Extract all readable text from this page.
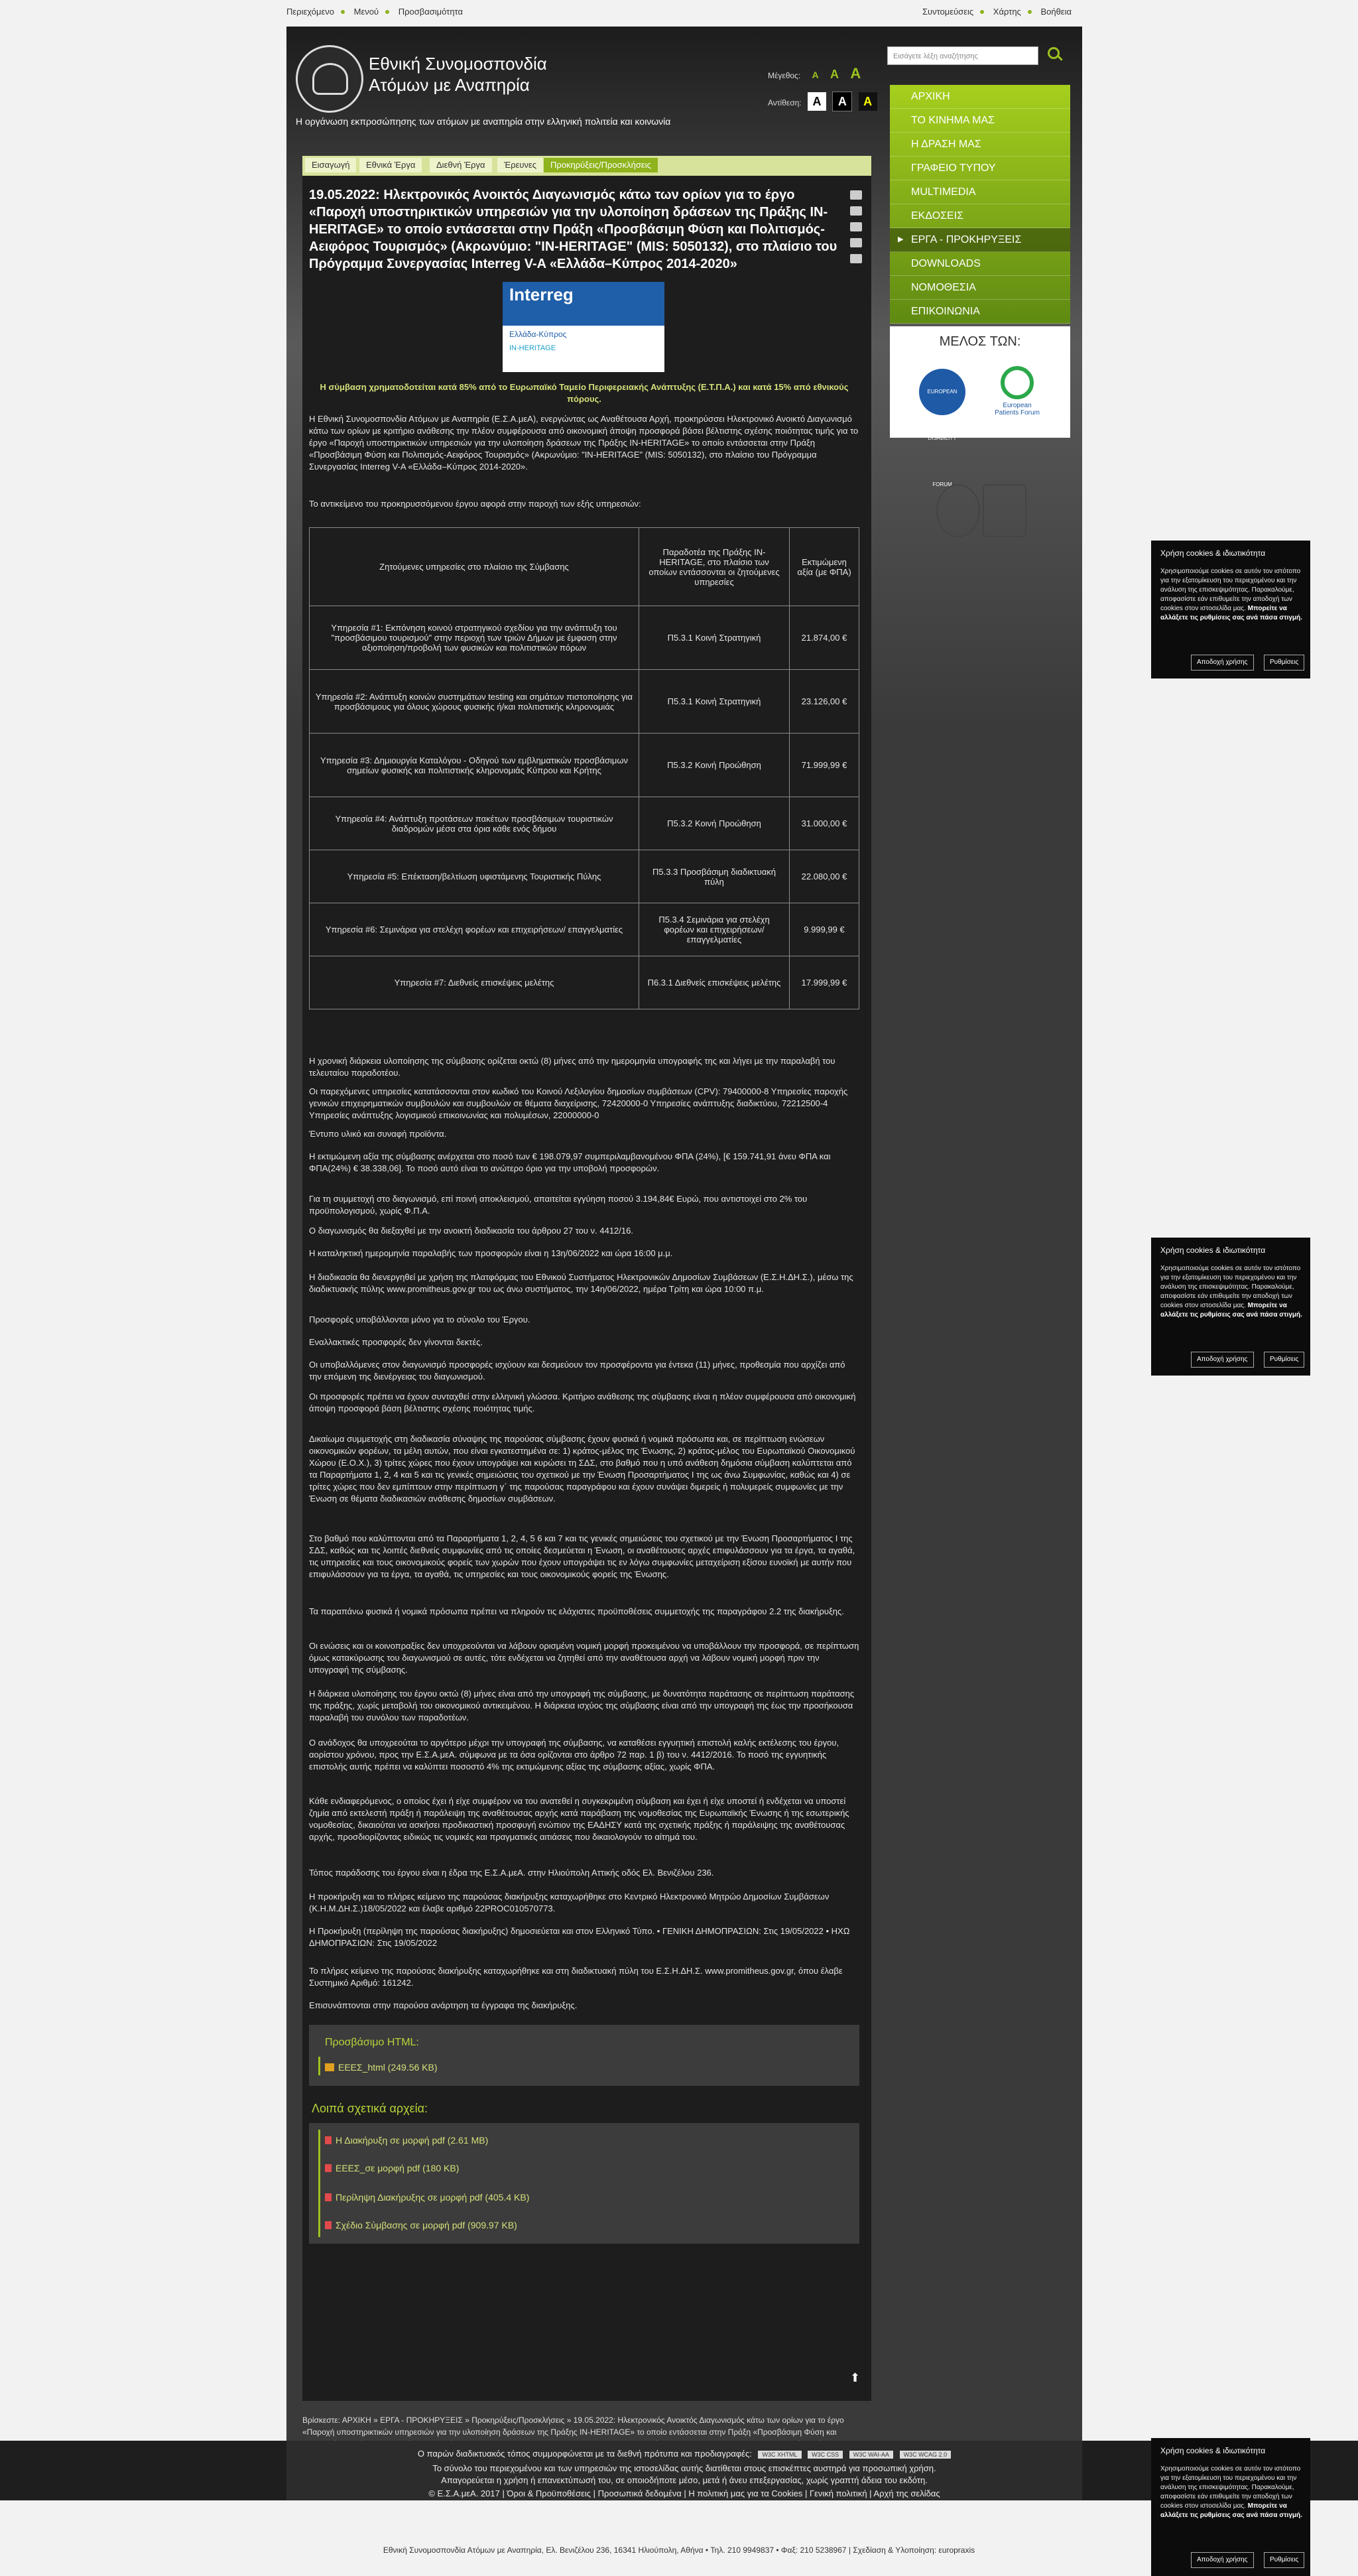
Περιεχόμενο Μενού Προσβασιμότητα	Συντομεύσεις Χάρτης Βοήθεια
Εθνική Συνομοσπονδία
Ατόμων με Αναπηρία
Η οργάνωση εκπροσώπησης των ατόμων με αναπηρία στην ελληνική πολιτεία και κοινωνία
Μέγεθος: A A A
Αντίθεση: A A A
Εισάγετε λέξη αναζήτησης
ΑΡΧΙΚΗ
ΤΟ ΚΙΝΗΜΑ ΜΑΣ
Η ΔΡΑΣΗ ΜΑΣ
ΓΡΑΦΕΙΟ ΤΥΠΟΥ
MULTIMEDIA
ΕΚΔΟΣΕΙΣ
▶ ΕΡΓΑ - ΠΡΟΚΗΡΥΞΕΙΣ
DOWNLOADS
ΝΟΜΟΘΕΣΙΑ
ΕΠΙΚΟΙΝΩΝΙΑ
ΜΕΛΟΣ ΤΩΝ:
EUROPEAN DISABILITY FORUM
European Patients Forum
Εισαγωγή	Εθνικά Έργα	Διεθνή Έργα	Έρευνες	Προκηρύξεις/Προσκλήσεις
19.05.2022: Ηλεκτρονικός Ανοικτός Διαγωνισμός κάτω των ορίων για το έργο «Παροχή υποστηρικτικών υπηρεσιών για την υλοποίηση δράσεων της Πράξης IN-HERITAGE» το οποίο εντάσσεται στην Πράξη «Προσβάσιμη Φύση και Πολιτισμός-Αειφόρος Τουρισμός» (Ακρωνύμιο: "IN-HERITAGE" (MIS: 5050132), στο πλαίσιο του Πρόγραμμα Συνεργασίας Interreg V-A «Ελλάδα–Κύπρος 2014-2020»
Interreg
Ελλάδα-Κύπρος
IN-HERITAGE
Η σύμβαση χρηματοδοτείται κατά 85% από το Ευρωπαϊκό Ταμείο Περιφερειακής Ανάπτυξης (Ε.Τ.Π.Α.) και κατά 15% από εθνικούς πόρους.
Η Εθνική Συνομοσπονδία Ατόμων με Αναπηρία (Ε.Σ.Α.μεΑ), ενεργώντας ως Αναθέτουσα Αρχή, προκηρύσσει Ηλεκτρονικό Ανοικτό Διαγωνισμό κάτω των ορίων με κριτήριο ανάθεσης την πλέον συμφέρουσα από οικονομική άποψη προσφορά βάσει βέλτιστης σχέσης ποιότητας τιμής για το έργο «Παροχή υποστηρικτικών υπηρεσιών για την υλοποίηση δράσεων της Πράξης IN-HERITAGE» το οποίο εντάσσεται στην Πράξη «Προσβάσιμη Φύση και Πολιτισμός-Αειφόρος Τουρισμός» (Ακρωνύμιο: "IN-HERITAGE" (MIS: 5050132), στο πλαίσιο του Πρόγραμμα Συνεργασίας Interreg V-A «Ελλάδα–Κύπρος 2014-2020».
Το αντικείμενο του προκηρυσσόμενου έργου αφορά στην παροχή των εξής υπηρεσιών:
Ζητούμενες υπηρεσίες στο πλαίσιο της Σύμβασης	Παραδοτέα της Πράξης IN-HERITAGE, στο πλαίσιο των οποίων εντάσσονται οι ζητούμενες υπηρεσίες	Εκτιμώμενη αξία (με ΦΠΑ)
Υπηρεσία #1: Εκπόνηση κοινού στρατηγικού σχεδίου για την ανάπτυξη του "προσβάσιμου τουρισμού" στην περιοχή των τριών Δήμων με έμφαση στην αξιοποίηση/προβολή των φυσικών και πολιτιστικών πόρων	Π5.3.1 Κοινή Στρατηγική	21.874,00 €
Υπηρεσία #2: Ανάπτυξη κοινών συστημάτων testing και σημάτων πιστοποίησης για προσβάσιμους για όλους χώρους φυσικής ή/και πολιτιστικής κληρονομιάς	Π5.3.1 Κοινή Στρατηγική	23.126,00 €
Υπηρεσία #3: Δημιουργία Καταλόγου - Οδηγού των εμβληματικών προσβάσιμων σημείων φυσικής και πολιτιστικής κληρονομιάς Κύπρου και Κρήτης	Π5.3.2 Κοινή Προώθηση	71.999,99 €
Υπηρεσία #4: Ανάπτυξη προτάσεων πακέτων προσβάσιμων τουριστικών διαδρομών μέσα στα όρια κάθε ενός δήμου	Π5.3.2 Κοινή Προώθηση	31.000,00 €
Υπηρεσία #5: Επέκταση/βελτίωση υφιστάμενης Τουριστικής Πύλης	Π5.3.3 Προσβάσιμη διαδικτυακή πύλη	22.080,00 €
Υπηρεσία #6: Σεμινάρια για στελέχη φορέων και επιχειρήσεων/ επαγγελματίες	Π5.3.4 Σεμινάρια για στελέχη φορέων και επιχειρήσεων/ επαγγελματίες	9.999,99 €
Υπηρεσία #7: Διεθνείς επισκέψεις μελέτης	Π6.3.1 Διεθνείς επισκέψεις μελέτης	17.999,99 €
Η χρονική διάρκεια υλοποίησης της σύμβασης ορίζεται οκτώ (8) μήνες από την ημερομηνία υπογραφής της και λήγει με την παραλαβή του τελευταίου παραδοτέου.
Οι παρεχόμενες υπηρεσίες κατατάσσονται στον κωδικό του Κοινού Λεξιλογίου δημοσίων συμβάσεων (CPV): 79400000-8 Υπηρεσίες παροχής γενικών επιχειρηματικών συμβουλών και συμβουλών σε θέματα διαχείρισης, 72420000-0 Υπηρεσίες ανάπτυξης διαδικτύου, 72212500-4 Υπηρεσίες ανάπτυξης λογισμικού επικοινωνίας και πολυμέσων, 22000000-0
Έντυπο υλικό και συναφή προϊόντα.
Η εκτιμώμενη αξία της σύμβασης ανέρχεται στο ποσό των € 198.079,97 συμπεριλαμβανομένου ΦΠΑ (24%), [€ 159.741,91 άνευ ΦΠΑ και ΦΠΑ(24%) € 38.338,06]. Το ποσό αυτό είναι το ανώτερο όριο για την υποβολή προσφορών.
Για τη συμμετοχή στο διαγωνισμό, επί ποινή αποκλεισμού, απαιτείται εγγύηση ποσού 3.194,84€ Ευρώ, που αντιστοιχεί στο 2% του προϋπολογισμού, χωρίς Φ.Π.Α.
Ο διαγωνισμός θα διεξαχθεί με την ανοικτή διαδικασία του άρθρου 27 του ν. 4412/16.
Η καταληκτική ημερομηνία παραλαβής των προσφορών είναι η 13η/06/2022 και ώρα 16:00 μ.μ.
Η διαδικασία θα διενεργηθεί με χρήση της πλατφόρμας του Εθνικού Συστήματος Ηλεκτρονικών Δημοσίων Συμβάσεων (Ε.Σ.Η.ΔΗ.Σ.), μέσω της διαδικτυακής πύλης www.promitheus.gov.gr του ως άνω συστήματος, την 14η/06/2022, ημέρα Τρίτη και ώρα 10:00 π.μ.
Προσφορές υποβάλλονται μόνο για το σύνολο του Έργου.
Εναλλακτικές προσφορές δεν γίνονται δεκτές.
Οι υποβαλλόμενες στον διαγωνισμό προσφορές ισχύουν και δεσμεύουν τον προσφέροντα για έντεκα (11) μήνες, προθεσμία που αρχίζει από την επόμενη της διενέργειας του διαγωνισμού.
Οι προσφορές πρέπει να έχουν συνταχθεί στην ελληνική γλώσσα. Κριτήριο ανάθεσης της σύμβασης είναι η πλέον συμφέρουσα από οικονομική άποψη προσφορά βάση βέλτιστης σχέσης ποιότητας τιμής.
Δικαίωμα συμμετοχής στη διαδικασία σύναψης της παρούσας σύμβασης έχουν φυσικά ή νομικά πρόσωπα και, σε περίπτωση ενώσεων οικονομικών φορέων, τα μέλη αυτών, που είναι εγκατεστημένα σε: 1) κράτος-μέλος της Ένωσης, 2) κράτος-μέλος του Ευρωπαϊκού Οικονομικού Χώρου (Ε.Ο.Χ.), 3) τρίτες χώρες που έχουν υπογράψει και κυρώσει τη ΣΔΣ, στο βαθμό που η υπό ανάθεση δημόσια σύμβαση καλύπτεται από τα Παραρτήματα 1, 2, 4 και 5 και τις γενικές σημειώσεις του σχετικού με την Ένωση Προσαρτήματος I της ως άνω Συμφωνίας, καθώς και 4) σε τρίτες χώρες που δεν εμπίπτουν στην περίπτωση γ΄ της παρούσας παραγράφου και έχουν συνάψει διμερείς ή πολυμερείς συμφωνίες με την Ένωση σε θέματα διαδικασιών ανάθεσης δημοσίων συμβάσεων.
Στο βαθμό που καλύπτονται από τα Παραρτήματα 1, 2, 4, 5 6 και 7 και τις γενικές σημειώσεις του σχετικού με την Ένωση Προσαρτήματος I της ΣΔΣ, καθώς και τις λοιπές διεθνείς συμφωνίες από τις οποίες δεσμεύεται η Ένωση, οι αναθέτουσες αρχές επιφυλάσσουν για τα έργα, τα αγαθά, τις υπηρεσίες και τους οικονομικούς φορείς των χωρών που έχουν υπογράψει τις εν λόγω συμφωνίες μεταχείριση εξίσου ευνοϊκή με αυτήν που επιφυλάσσουν για τα έργα, τα αγαθά, τις υπηρεσίες και τους οικονομικούς φορείς της Ένωσης.
Τα παραπάνω φυσικά ή νομικά πρόσωπα πρέπει να πληρούν τις ελάχιστες προϋποθέσεις συμμετοχής της παραγράφου 2.2 της διακήρυξης.
Οι ενώσεις και οι κοινοπραξίες δεν υποχρεούνται να λάβουν ορισμένη νομική μορφή προκειμένου να υποβάλλουν την προσφορά, σε περίπτωση όμως κατακύρωσης του διαγωνισμού σε αυτές, τότε ενδέχεται να ζητηθεί από την αναθέτουσα αρχή να λάβουν νομική μορφή πριν την υπογραφή της σύμβασης.
Η διάρκεια υλοποίησης του έργου οκτώ (8) μήνες είναι από την υπογραφή της σύμβασης, με δυνατότητα παράτασης σε περίπτωση παράτασης της πράξης, χωρίς μεταβολή του οικονομικού αντικειμένου. Η διάρκεια ισχύος της σύμβασης είναι από την υπογραφή της έως την προσήκουσα παραλαβή του συνόλου των παραδοτέων.
Ο ανάδοχος θα υποχρεούται το αργότερο μέχρι την υπογραφή της σύμβασης, να καταθέσει εγγυητική επιστολή καλής εκτέλεσης του έργου, αορίστου χρόνου, προς την Ε.Σ.Α.μεΑ. σύμφωνα με τα όσα ορίζονται στο άρθρο 72 παρ. 1 β) του ν. 4412/2016. Το ποσό της εγγυητικής επιστολής αυτής πρέπει να καλύπτει ποσοστό 4% της εκτιμώμενης αξίας της σύμβασης αξίας, χωρίς ΦΠΑ.
Κάθε ενδιαφερόμενος, ο οποίος έχει ή είχε συμφέρον να του ανατεθεί η συγκεκριμένη σύμβαση και έχει ή είχε υποστεί ή ενδέχεται να υποστεί ζημία από εκτελεστή πράξη ή παράλειψη της αναθέτουσας αρχής κατά παράβαση της νομοθεσίας της Ευρωπαϊκής Ένωσης ή της εσωτερικής νομοθεσίας, δικαιούται να ασκήσει προδικαστική προσφυγή ενώπιον της ΕΑΔΗΣΥ κατά της σχετικής πράξης ή παράλειψης της αναθέτουσας αρχής, προσδιορίζοντας ειδικώς τις νομικές και πραγματικές αιτιάσεις που δικαιολογούν το αίτημά του.
Τόπος παράδοσης του έργου είναι η έδρα της Ε.Σ.Α.μεΑ. στην Ηλιούπολη Αττικής οδός Ελ. Βενιζέλου 236.
Η προκήρυξη και το πλήρες κείμενο της παρούσας διακήρυξης καταχωρήθηκε στο Κεντρικό Ηλεκτρονικό Μητρώο Δημοσίων Συμβάσεων (Κ.Η.Μ.ΔΗ.Σ.)18/05/2022 και έλαβε αριθμό 22PROC010570773.
Η Προκήρυξη (περίληψη της παρούσας διακήρυξης) δημοσιεύεται και στον Ελληνικό Τύπο. • ΓΕΝΙΚΗ ΔΗΜΟΠΡΑΣΙΩΝ: Στις 19/05/2022 • ΗΧΩ ΔΗΜΟΠΡΑΣΙΩΝ: Στις 19/05/2022
Το πλήρες κείμενο της παρούσας διακήρυξης καταχωρήθηκε και στη διαδικτυακή πύλη του Ε.Σ.Η.ΔΗ.Σ. www.promitheus.gov.gr, όπου έλαβε Συστημικό Αριθμό: 161242.
Επισυνάπτονται στην παρούσα ανάρτηση τα έγγραφα της διακήρυξης.
Προσβάσιμο HTML:
ΕΕΕΣ_html (249.56 KB)
Λοιπά σχετικά αρχεία:
Η Διακήρυξη σε μορφή pdf (2.61 MB)
ΕΕΕΣ_σε μορφή pdf (180 KB)
Περίληψη Διακήρυξης σε μορφή pdf (405.4 KB)
Σχέδιο Σύμβασης σε μορφή pdf (909.97 KB)
⬆
Βρίσκεστε: ΑΡΧΙΚΗ » ΕΡΓΑ - ΠΡΟΚΗΡΥΞΕΙΣ » Προκηρύξεις/Προσκλήσεις » 19.05.2022: Ηλεκτρονικός Ανοικτός Διαγωνισμός κάτω των ορίων για το έργο «Παροχή υποστηρικτικών υπηρεσιών για την υλοποίηση δράσεων της Πράξης IN-HERITAGE» το οποίο εντάσσεται στην Πράξη «Προσβάσιμη Φύση και
Ο παρών διαδικτυακός τόπος συμμορφώνεται με τα διεθνή πρότυπα και προδιαγραφές: W3C XHTML W3C CSS W3C WAI-AA W3C WCAG 2.0
Το σύνολο του περιεχομένου και των υπηρεσιών της ιστοσελίδας αυτής διατίθεται στους επισκέπτες αυστηρά για προσωπική χρήση.
Απαγορεύεται η χρήση ή επανεκτύπωσή του, σε οποιοδήποτε μέσο, μετά ή άνευ επεξεργασίας, χωρίς γραπτή άδεια του εκδότη.
© Ε.Σ.Α.μεΑ. 2017 | Όροι & Προϋποθέσεις | Προσωπικά δεδομένα | Η πολιτική μας για τα Cookies | Γενική πολιτική | Αρχή της σελίδας
Εθνική Συνομοσπονδία Ατόμων με Αναπηρία, Ελ. Βενιζέλου 236, 16341 Ηλιούπολη, Αθήνα • Τηλ. 210 9949837 • Φαξ: 210 5238967 | Σχεδίαση & Υλοποίηση: εuropraxis
Χρήση cookies & ιδιωτικότητα
Χρησιμοποιούμε cookies σε αυτόν τον ιστότοπο για την εξατομίκευση του περιεχομένου και την ανάλυση της επισκεψιμότητας. Παρακαλούμε, αποφασίστε εάν επιθυμείτε την αποδοχή των cookies στον ιστοσελίδα μας. Μπορείτε να αλλάξετε τις ρυθμίσεις σας ανά πάσα στιγμή.
Αποδοχή χρήσης	Ρυθμίσεις
Χρήση cookies & ιδιωτικότητα
Χρησιμοποιούμε cookies σε αυτόν τον ιστότοπο για την εξατομίκευση του περιεχομένου και την ανάλυση της επισκεψιμότητας. Παρακαλούμε, αποφασίστε εάν επιθυμείτε την αποδοχή των cookies στον ιστοσελίδα μας. Μπορείτε να αλλάξετε τις ρυθμίσεις σας ανά πάσα στιγμή.
Αποδοχή χρήσης	Ρυθμίσεις
Χρήση cookies & ιδιωτικότητα
Χρησιμοποιούμε cookies σε αυτόν τον ιστότοπο για την εξατομίκευση του περιεχομένου και την ανάλυση της επισκεψιμότητας. Παρακαλούμε, αποφασίστε εάν επιθυμείτε την αποδοχή των cookies στον ιστοσελίδα μας. Μπορείτε να αλλάξετε τις ρυθμίσεις σας ανά πάσα στιγμή.
Αποδοχή χρήσης	Ρυθμίσεις
